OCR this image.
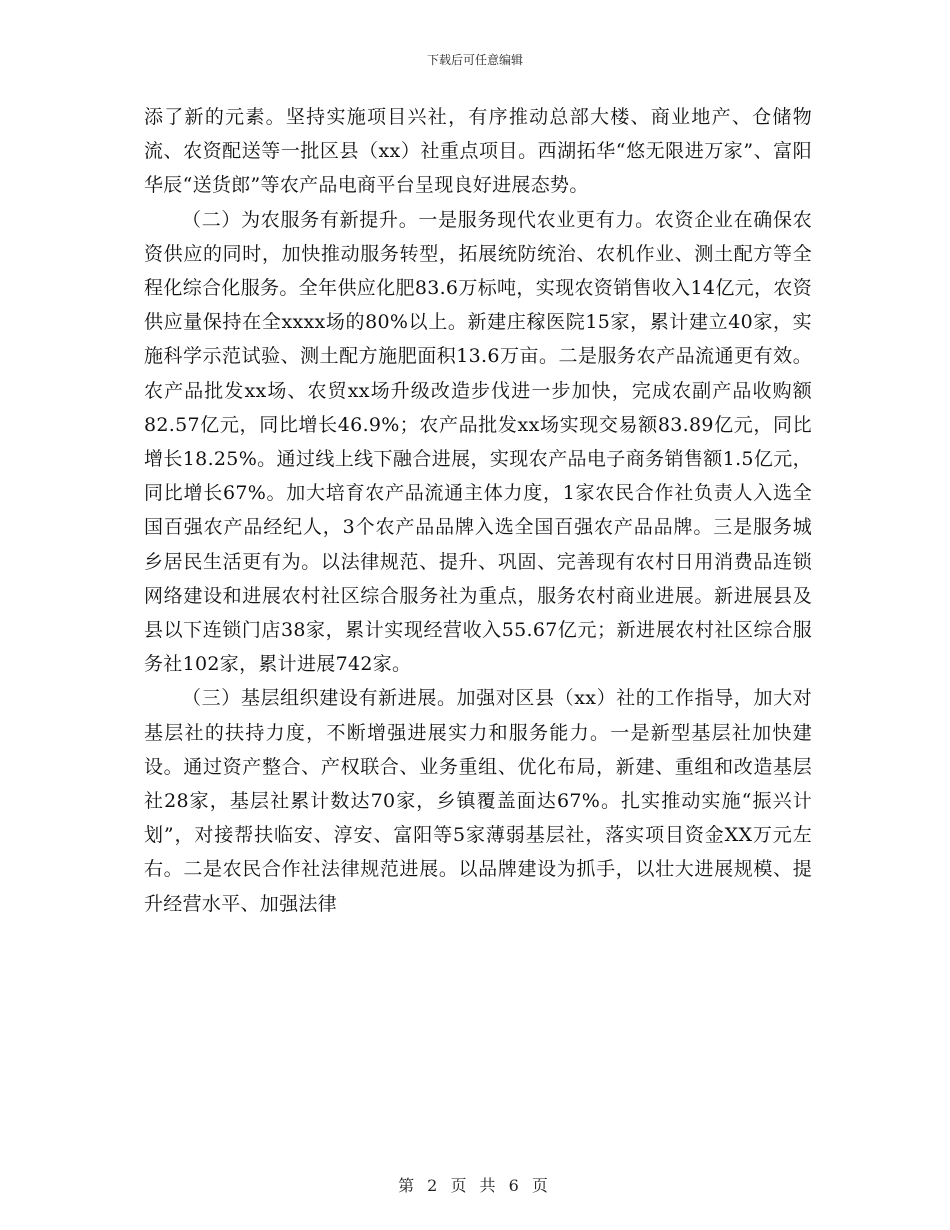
下载后可任意编辑

添了新的元素。坚持实施项目兴社，有序推动总部大楼、商业地产、仓储物流、农资配送等一批区县（xx）社重点项目。西湖拓华“悠无限进万家”、富阳华辰“送货郎”等农产品电商平台呈现良好进展态势。

（二）为农服务有新提升。一是服务现代农业更有力。农资企业在确保农资供应的同时，加快推动服务转型，拓展统防统治、农机作业、测土配方等全程化综合化服务。全年供应化肥83.6万标吨，实现农资销售收入14亿元，农资供应量保持在全xxxx场的80%以上。新建庄稼医院15家，累计建立40家，实施科学示范试验、测土配方施肥面积13.6万亩。二是服务农产品流通更有效。农产品批发xx场、农贸xx场升级改造步伐进一步加快，完成农副产品收购额82.57亿元，同比增长46.9%；农产品批发xx场实现交易额83.89亿元，同比增长18.25%。通过线上线下融合进展，实现农产品电子商务销售额1.5亿元，同比增长67%。加大培育农产品流通主体力度，1家农民合作社负责人入选全国百强农产品经纪人，3个农产品品牌入选全国百强农产品品牌。三是服务城乡居民生活更有为。以法律规范、提升、巩固、完善现有农村日用消费品连锁网络建设和进展农村社区综合服务社为重点，服务农村商业进展。新进展县及县以下连锁门店38家，累计实现经营收入55.67亿元；新进展农村社区综合服务社102家，累计进展742家。

（三）基层组织建设有新进展。加强对区县（xx）社的工作指导，加大对基层社的扶持力度，不断增强进展实力和服务能力。一是新型基层社加快建设。通过资产整合、产权联合、业务重组、优化布局，新建、重组和改造基层社28家，基层社累计数达70家，乡镇覆盖面达67%。扎实推动实施“振兴计划”，对接帮扶临安、淳安、富阳等5家薄弱基层社，落实项目资金XX万元左右。二是农民合作社法律规范进展。以品牌建设为抓手，以壮大进展规模、提升经营水平、加强法律

第 2 页 共 6 页
